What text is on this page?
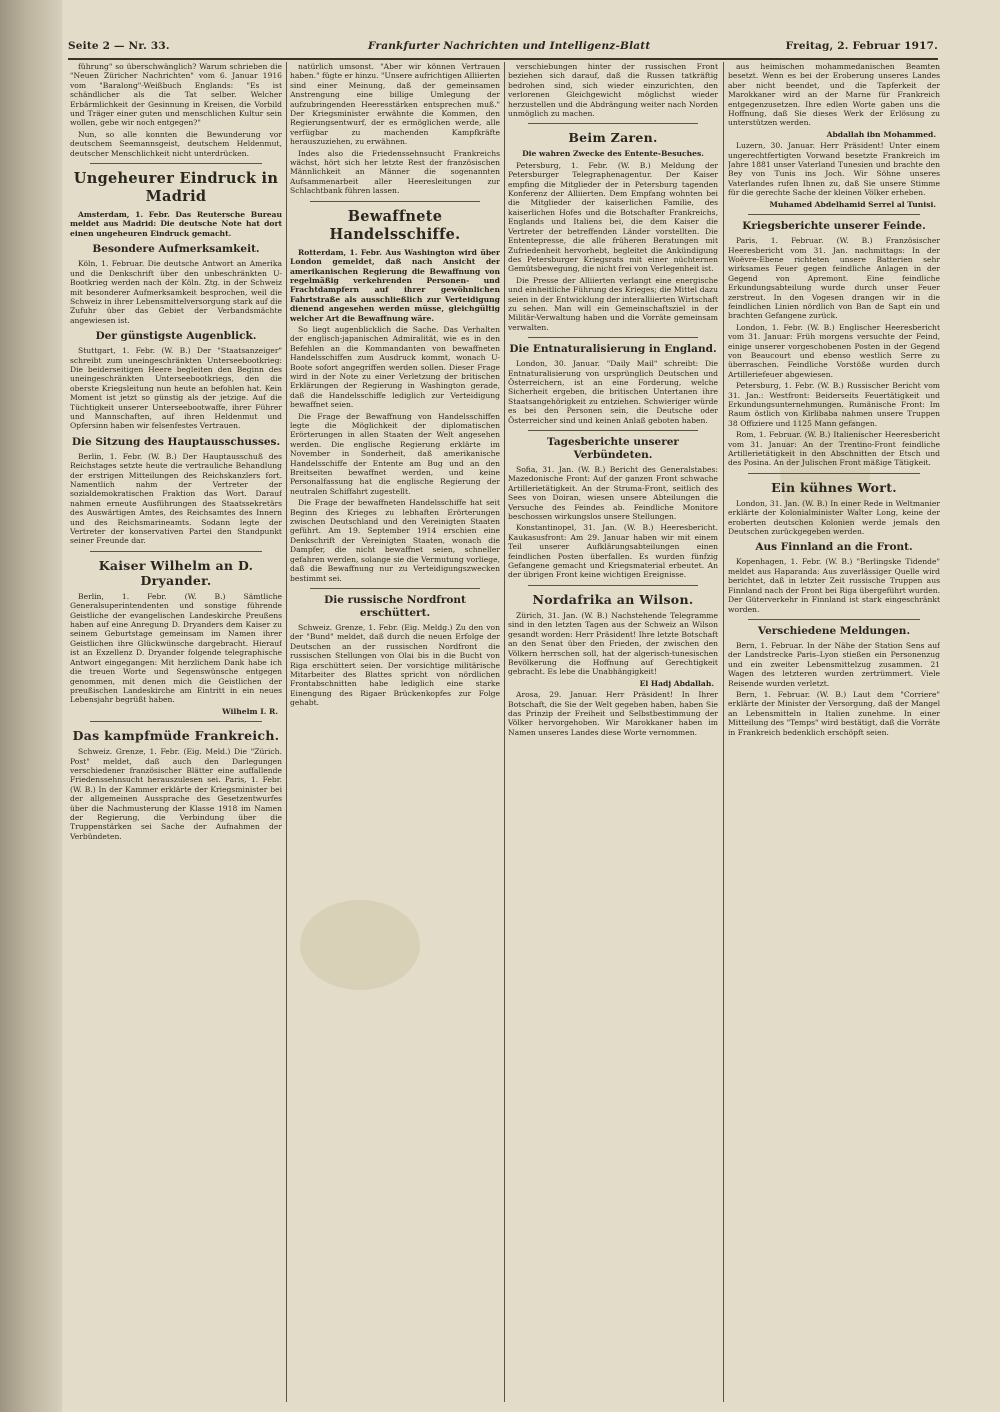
Seite 2 — Nr. 33.	Frankfurter Nachrichten und Intelligenz-Blatt	Freitag, 2. Februar 1917.

führung" so überschwänglich? Warum schrieben die "Neuen Züricher Nachrichten" vom 6. Januar 1916 vom "Baralong"-Weißbuch Englands: "Es ist schändlicher als die Tat selber. Welcher Erbärmlichkeit der Gesinnung in Kreisen, die Vorbild und Träger einer guten und menschlichen Kultur sein wollen, gebe wir noch entgegen?"

Nun, so alle konnten die Bewunderung vor deutschem Seemannsgeist, deutschem Heldenmut, deutscher Menschlichkeit nicht unterdrücken.

Ungeheurer Eindruck in Madrid

Amsterdam, 1. Febr. Das Reutersche Bureau meldet aus Madrid: Die deutsche Note hat dort einen ungeheuren Eindruck gemacht.

Besondere Aufmerksamkeit.

Köln, 1. Februar. Die deutsche Antwort an Amerika und die Denkschrift über den unbeschränkten U-Bootkrieg werden nach der Köln. Ztg. in der Schweiz mit besonderer Aufmerksamkeit besprochen, weil die Schweiz in ihrer Lebensmittelversorgung stark auf die Zufuhr über das Gebiet der Verbandsmächte angewiesen ist.

Der günstigste Augenblick.

Stuttgart, 1. Febr. (W. B.) Der "Staatsanzeiger" schreibt zum uneingeschränkten Unterseebootkrieg: Die beiderseitigen Heere begleiten den Beginn des uneingeschränkten Unterseebootkriegs, den die oberste Kriegsleitung nun heute an befohlen hat. Kein Moment ist jetzt so günstig als der jetzige. Auf die Tüchtigkeit unserer Unterseebootwaffe, ihrer Führer und Mannschaften, auf ihren Heldenmut und Opfersinn haben wir felsenfestes Vertrauen.

Die Sitzung des Hauptausschusses.

Berlin, 1. Febr. (W. B.) Der Hauptausschuß des Reichstages setzte heute die vertrauliche Behandlung der erstrigen Mitteilungen des Reichskanzlers fort. Namentlich nahm der Vertreter der sozialdemokratischen Fraktion das Wort. Darauf nahmen erneute Ausführungen des Staatssekretärs des Auswärtigen Amtes, des Reichsamtes des Innern und des Reichsmarineamts. Sodann legte der Vertreter der konservativen Partei den Standpunkt seiner Freunde dar.

Kaiser Wilhelm an D. Dryander.

Berlin, 1. Febr. (W. B.) Sämtliche Generalsuperintendenten und sonstige führende Geistliche der evangelischen Landeskirche Preußens haben auf eine Anregung D. Dryanders dem Kaiser zu seinem Geburtstage gemeinsam im Namen ihrer Geistlichen ihre Glückwünsche dargebracht. Hierauf ist an Exzellenz D. Dryander folgende telegraphische Antwort eingegangen: Mit herzlichem Dank habe ich die treuen Worte und Segenswünsche entgegen genommen, mit denen mich die Geistlichen der preußischen Landeskirche am Eintritt in ein neues Lebensjahr begrüßt haben.

Wilhelm I. R.
Das kampfmüde Frankreich.

Schweiz. Grenze, 1. Febr. (Eig. Meld.) Die "Zürich. Post" meldet, daß auch den Darlegungen verschiedener französischer Blätter eine auffallende Friedenssehnsucht herauszulesen sei. Paris, 1. Febr. (W. B.) In der Kammer erklärte der Kriegsminister bei der allgemeinen Aussprache des Gesetzentwurfes über die Nachmusterung der Klasse 1918 im Namen der Regierung, die Verbindung über die Truppenstärken sei Sache der Aufnahmen der Verbündeten.

natürlich umsonst. "Aber wir können Vertrauen haben." fügte er hinzu. "Unsere aufrichtigen Alliierten sind einer Meinung, daß der gemeinsamen Anstrengung eine billige Umlegung der aufzubringenden Heeresstärken entsprechen muß." Der Kriegsminister erwähnte die Kommen, den Regierungsentwurf, der es ermöglichen werde, alle verfügbar zu machenden Kampfkräfte herauszuziehen, zu erwähnen.

Indes also die Friedenssehnsucht Frankreichs wächst, hört sich her letzte Rest der französischen Männlichkeit an Männer die sogenannten Aufsammenarbeit aller Heeresleitungen zur Schlachtbank führen lassen.

Bewaffnete Handelsschiffe.

Rotterdam, 1. Febr. Aus Washington wird über London gemeldet, daß nach Ansicht der amerikanischen Regierung die Bewaffnung von regelmäßig verkehrenden Personen- und Frachtdampfern auf ihrer gewöhnlichen Fahrtstraße als ausschließlich zur Verteidigung dienend angesehen werden müsse, gleichgültig welcher Art die Bewaffnung wäre.

So liegt augenblicklich die Sache. Das Verhalten der englisch-japanischen Admiralität, wie es in den Befehlen an die Kommandanten von bewaffneten Handelsschiffen zum Ausdruck kommt, wonach U-Boote sofort angegriffen werden sollen. Dieser Frage wird in der Note zu einer Verletzung der britischen Erklärungen der Regierung in Washington gerade, daß die Handelsschiffe lediglich zur Verteidigung bewaffnet seien.

Die Frage der Bewaffnung von Handelsschiffen legte die Möglichkeit der diplomatischen Erörterungen in allen Staaten der Welt angesehen werden. Die englische Regierung erklärte im November in Sonderheit, daß amerikanische Handelsschiffe der Entente am Bug und an den Breitseiten bewaffnet werden, und keine Personalfassung hat die englische Regierung der neutralen Schiffahrt zugestellt.

Die Frage der bewaffneten Handelsschiffe hat seit Beginn des Krieges zu lebhaften Erörterungen zwischen Deutschland und den Vereinigten Staaten geführt. Am 19. September 1914 erschien eine Denkschrift der Vereinigten Staaten, wonach die Dampfer, die nicht bewaffnet seien, schneller gefahren werden, solange sie die Vermutung vorliege, daß die Bewaffnung nur zu Verteidigungszwecken bestimmt sei.

Die russische Nordfront erschüttert.

Schweiz. Grenze, 1. Febr. (Eig. Meldg.) Zu den von der "Bund" meldet, daß durch die neuen Erfolge der Deutschen an der russischen Nordfront die russischen Stellungen von Olai bis in die Bucht von Riga erschüttert seien. Der vorsichtige militärische Mitarbeiter des Blattes spricht von nördlichen Frontabschnitten habe lediglich eine starke Einengung des Rigaer Brückenkopfes zur Folge gehabt.

verschiebungen hinter der russischen Front beziehen sich darauf, daß die Russen tatkräftig bedrohen sind, sich wieder einzurichten, den verlorenen Gleichgewicht möglichst wieder herzustellen und die Abdrängung weiter nach Norden unmöglich zu machen.

Beim Zaren.

Die wahren Zwecke des Entente-Besuches.

Petersburg, 1. Febr. (W. B.) Meldung der Petersburger Telegraphenagentur. Der Kaiser empfing die Mitglieder der in Petersburg tagenden Konferenz der Alliierten. Dem Empfang wohnten bei die Mitglieder der kaiserlichen Familie, des kaiserlichen Hofes und die Botschafter Frankreichs, Englands und Italiens bei, die dem Kaiser die Vertreter der betreffenden Länder vorstellten. Die Ententepresse, die alle früheren Beratungen mit Zufriedenheit hervorhebt, begleitet die Ankündigung des Petersburger Kriegsrats mit einer nüchternen Gemütsbewegung, die nicht frei von Verlegenheit ist.

Die Presse der Alliierten verlangt eine energische und einheitliche Führung des Krieges; die Mittel dazu seien in der Entwicklung der interalliierten Wirtschaft zu sehen. Man will ein Gemeinschaftsziel in der Militär-Verwaltung haben und die Vorräte gemeinsam verwalten.

Die Entnaturalisierung in England.

London, 30. Januar. "Daily Mail" schreibt: Die Entnaturalisierung von ursprünglich Deutschen und Österreichern, ist an eine Forderung, welche Sicherheit ergeben, die britischen Untertanen ihre Staatsangehörigkeit zu entziehen. Schwieriger würde es bei den Personen sein, die Deutsche oder Österreicher sind und keinen Anlaß geboten haben.

Tagesberichte unserer Verbündeten.

Sofia, 31. Jan. (W. B.) Bericht des Generalstabes: Mazedonische Front: Auf der ganzen Front schwache Artillerietätigkeit. An der Struma-Front, seitlich des Sees von Doiran, wiesen unsere Abteilungen die Versuche des Feindes ab. Feindliche Monitore beschossen wirkungslos unsere Stellungen.

Konstantinopel, 31. Jan. (W. B.) Heeresbericht. Kaukasusfront: Am 29. Januar haben wir mit einem Teil unserer Aufklärungsabteilungen einen feindlichen Posten überfallen. Es wurden fünfzig Gefangene gemacht und Kriegsmaterial erbeutet. An der übrigen Front keine wichtigen Ereignisse.

Nordafrika an Wilson.

Zürich, 31. Jan. (W. B.) Nachstehende Telegramme sind in den letzten Tagen aus der Schweiz an Wilson gesandt worden: Herr Präsident! Ihre letzte Botschaft an den Senat über den Frieden, der zwischen den Völkern herrschen soll, hat der algerisch-tunesischen Bevölkerung die Hoffnung auf Gerechtigkeit gebracht. Es lebe die Unabhängigkeit!

El Hadj Abdallah.

Arosa, 29. Januar. Herr Präsident! In Ihrer Botschaft, die Sie der Welt gegeben haben, haben Sie das Prinzip der Freiheit und Selbstbestimmung der Völker hervorgehoben. Wir Marokkaner haben im Namen unseres Landes diese Worte vernommen.

aus heimischen mohammedanischen Beamten besetzt. Wenn es bei der Eroberung unseres Landes aber nicht beendet, und die Tapferkeit der Marokkaner wird an der Marne für Frankreich entgegenzusetzen. Ihre edlen Worte gaben uns die Hoffnung, daß Sie dieses Werk der Erlösung zu unterstützen werden.

Abdallah ibn Mohammed.

Luzern, 30. Januar. Herr Präsident! Unter einem ungerechtfertigten Vorwand besetzte Frankreich im Jahre 1881 unser Vaterland Tunesien und brachte den Bey von Tunis ins Joch. Wir Söhne unseres Vaterlandes rufen Ihnen zu, daß Sie unsere Stimme für die gerechte Sache der kleinen Völker erheben.

Muhamed Abdelhamid Serrel al Tunisi.
Kriegsberichte unserer Feinde.

Paris, 1. Februar. (W. B.) Französischer Heeresbericht vom 31. Jan. nachmittags: In der Woëvre-Ebene richteten unsere Batterien sehr wirksames Feuer gegen feindliche Anlagen in der Gegend von Apremont. Eine feindliche Erkundungsabteilung wurde durch unser Feuer zerstreut. In den Vogesen drangen wir in die feindlichen Linien nördlich von Ban de Sapt ein und brachten Gefangene zurück.

London, 1. Febr. (W. B.) Englischer Heeresbericht vom 31. Januar: Früh morgens versuchte der Feind, einige unserer vorgeschobenen Posten in der Gegend von Beaucourt und ebenso westlich Serre zu überraschen. Feindliche Vorstöße wurden durch Artilleriefeuer abgewiesen.

Petersburg, 1. Febr. (W. B.) Russischer Bericht vom 31. Jan.: Westfront: Beiderseits Feuertätigkeit und Erkundungsunternehmungen. Rumänische Front: Im Raum östlich von Kirlibaba nahmen unsere Truppen 38 Offiziere und 1125 Mann gefangen.

Rom, 1. Februar. (W. B.) Italienischer Heeresbericht vom 31. Januar: An der Trentino-Front feindliche Artillerietätigkeit in den Abschnitten der Etsch und des Posina. An der Julischen Front mäßige Tätigkeit.

Ein kühnes Wort.

London, 31. Jan. (W. B.) In einer Rede in Weltmanier erklärte der Kolonialminister Walter Long, keine der eroberten deutschen Kolonien werde jemals den Deutschen zurückgegeben werden.

Aus Finnland an die Front.

Kopenhagen, 1. Febr. (W. B.) "Berlingske Tidende" meldet aus Haparanda: Aus zuverlässiger Quelle wird berichtet, daß in letzter Zeit russische Truppen aus Finnland nach der Front bei Riga übergeführt wurden. Der Güterverkehr in Finnland ist stark eingeschränkt worden.

Verschiedene Meldungen.

Bern, 1. Februar. In der Nähe der Station Sens auf der Landstrecke Paris–Lyon stießen ein Personenzug und ein zweiter Lebensmittelzug zusammen. 21 Wagen des letzteren wurden zertrümmert. Viele Reisende wurden verletzt.

Bern, 1. Februar. (W. B.) Laut dem "Corriere" erklärte der Minister der Versorgung, daß der Mangel an Lebensmitteln in Italien zunehme. In einer Mitteilung des "Temps" wird bestätigt, daß die Vorräte in Frankreich bedenklich erschöpft seien.
